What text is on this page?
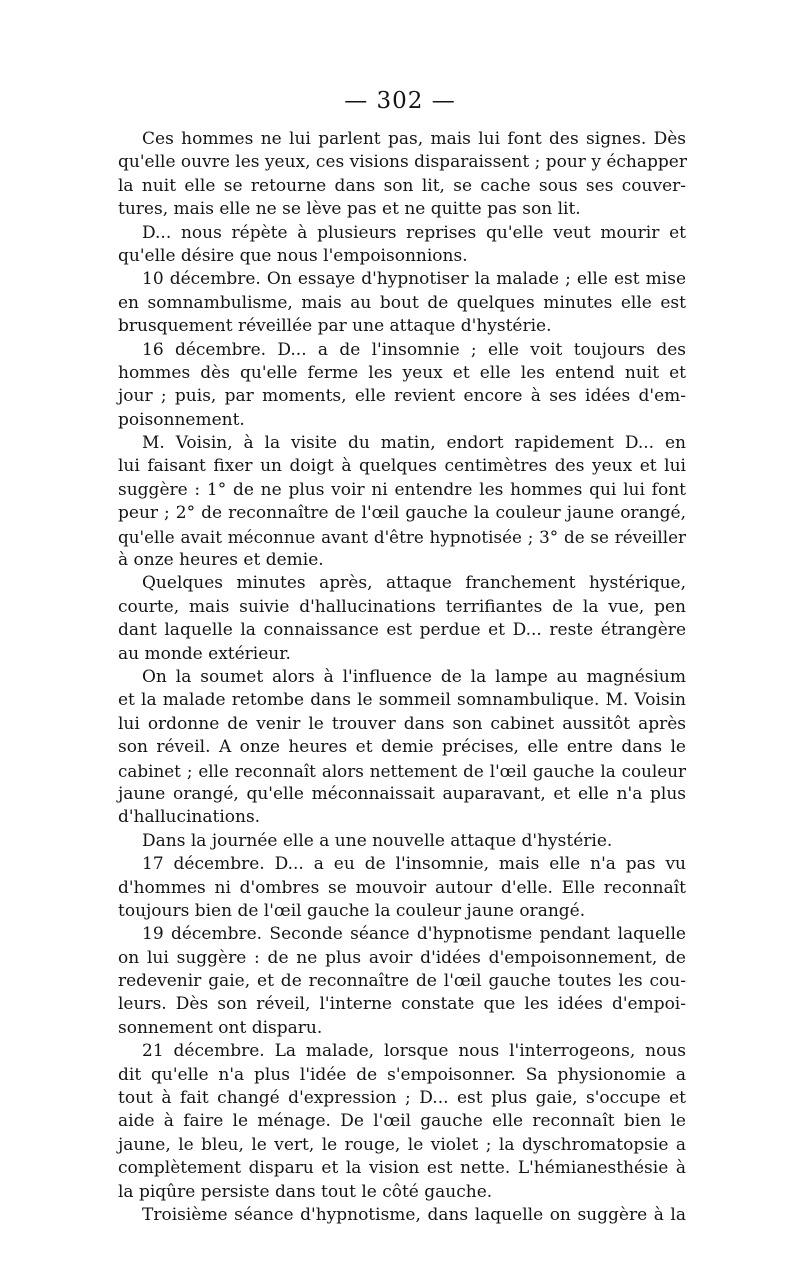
— 302 —
Ces hommes ne lui parlent pas, mais lui font des signes. Dès
qu'elle ouvre les yeux, ces visions disparaissent ; pour y échapper
la nuit elle se retourne dans son lit, se cache sous ses couver-
tures, mais elle ne se lève pas et ne quitte pas son lit.
D... nous répète à plusieurs reprises qu'elle veut mourir et
qu'elle désire que nous l'empoisonnions.
10 décembre. On essaye d'hypnotiser la malade ; elle est mise
en somnambulisme, mais au bout de quelques minutes elle est
brusquement réveillée par une attaque d'hystérie.
16 décembre. D... a de l'insomnie ; elle voit toujours des
hommes dès qu'elle ferme les yeux et elle les entend nuit et
jour ; puis, par moments, elle revient encore à ses idées d'em-
poisonnement.
M. Voisin, à la visite du matin, endort rapidement D... en
lui faisant fixer un doigt à quelques centimètres des yeux et lui
suggère : 1° de ne plus voir ni entendre les hommes qui lui font
peur ; 2° de reconnaître de l'œil gauche la couleur jaune orangé,
qu'elle avait méconnue avant d'être hypnotisée ; 3° de se réveiller
à onze heures et demie.
Quelques minutes après, attaque franchement hystérique,
courte, mais suivie d'hallucinations terrifiantes de la vue, pen
dant laquelle la connaissance est perdue et D... reste étrangère
au monde extérieur.
On la soumet alors à l'influence de la lampe au magnésium
et la malade retombe dans le sommeil somnambulique. M. Voisin
lui ordonne de venir le trouver dans son cabinet aussitôt après
son réveil. A onze heures et demie précises, elle entre dans le
cabinet ; elle reconnaît alors nettement de l'œil gauche la couleur
jaune orangé, qu'elle méconnaissait auparavant, et elle n'a plus
d'hallucinations.
Dans la journée elle a une nouvelle attaque d'hystérie.
17 décembre. D... a eu de l'insomnie, mais elle n'a pas vu
d'hommes ni d'ombres se mouvoir autour d'elle. Elle reconnaît
toujours bien de l'œil gauche la couleur jaune orangé.
19 décembre. Seconde séance d'hypnotisme pendant laquelle
on lui suggère : de ne plus avoir d'idées d'empoisonnement, de
redevenir gaie, et de reconnaître de l'œil gauche toutes les cou-
leurs. Dès son réveil, l'interne constate que les idées d'empoi-
sonnement ont disparu.
21 décembre. La malade, lorsque nous l'interrogeons, nous
dit qu'elle n'a plus l'idée de s'empoisonner. Sa physionomie a
tout à fait changé d'expression ; D... est plus gaie, s'occupe et
aide à faire le ménage. De l'œil gauche elle reconnaît bien le
jaune, le bleu, le vert, le rouge, le violet ; la dyschromatopsie a
complètement disparu et la vision est nette. L'hémianesthésie à
la piqûre persiste dans tout le côté gauche.
Troisième séance d'hypnotisme, dans laquelle on suggère à la
